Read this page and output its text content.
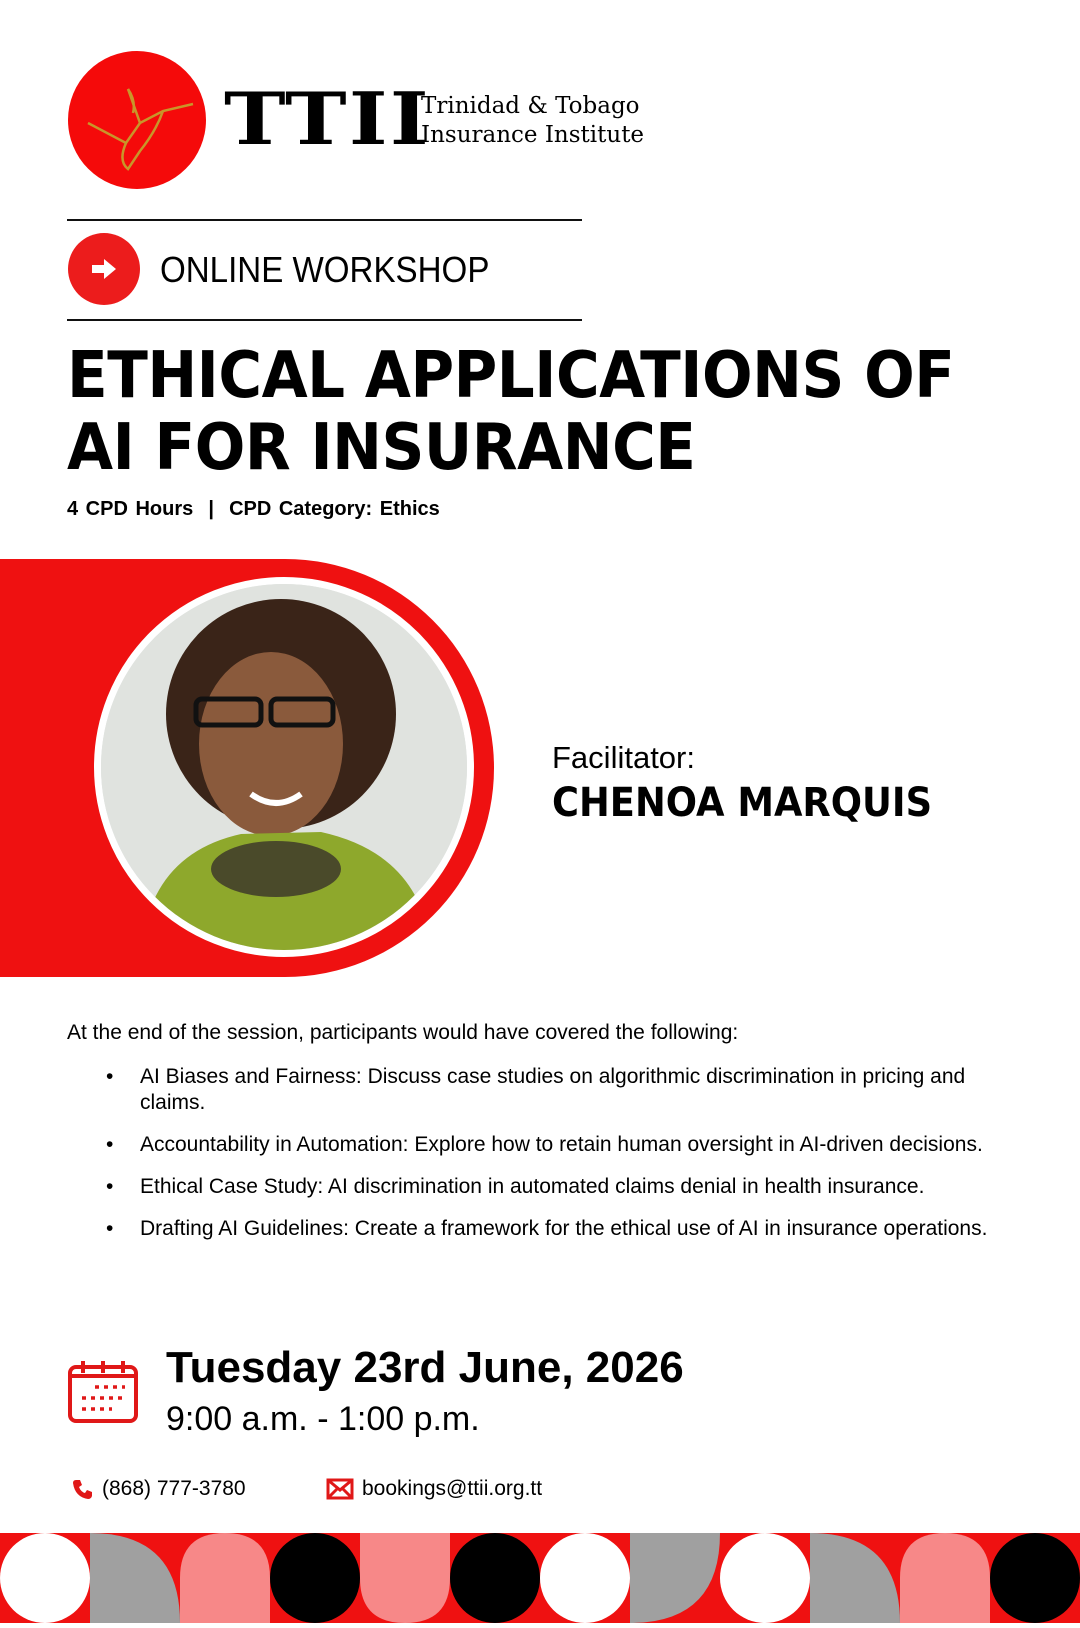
TTII
Trinidad & Tobago
Insurance Institute
ONLINE WORKSHOP
ETHICAL APPLICATIONS OF
AI FOR INSURANCE
4 CPD Hours  |  CPD Category: Ethics
Facilitator:
CHENOA MARQUIS
At the end of the session, participants would have covered the following:
• AI Biases and Fairness: Discuss case studies on algorithmic discrimination in pricing and claims.
• Accountability in Automation: Explore how to retain human oversight in AI-driven decisions.
• Ethical Case Study: AI discrimination in automated claims denial in health insurance.
• Drafting AI Guidelines: Create a framework for the ethical use of AI in insurance operations.
Tuesday 23rd June, 2026
9:00 a.m. - 1:00 p.m.
(868) 777-3780	bookings@ttii.org.tt
